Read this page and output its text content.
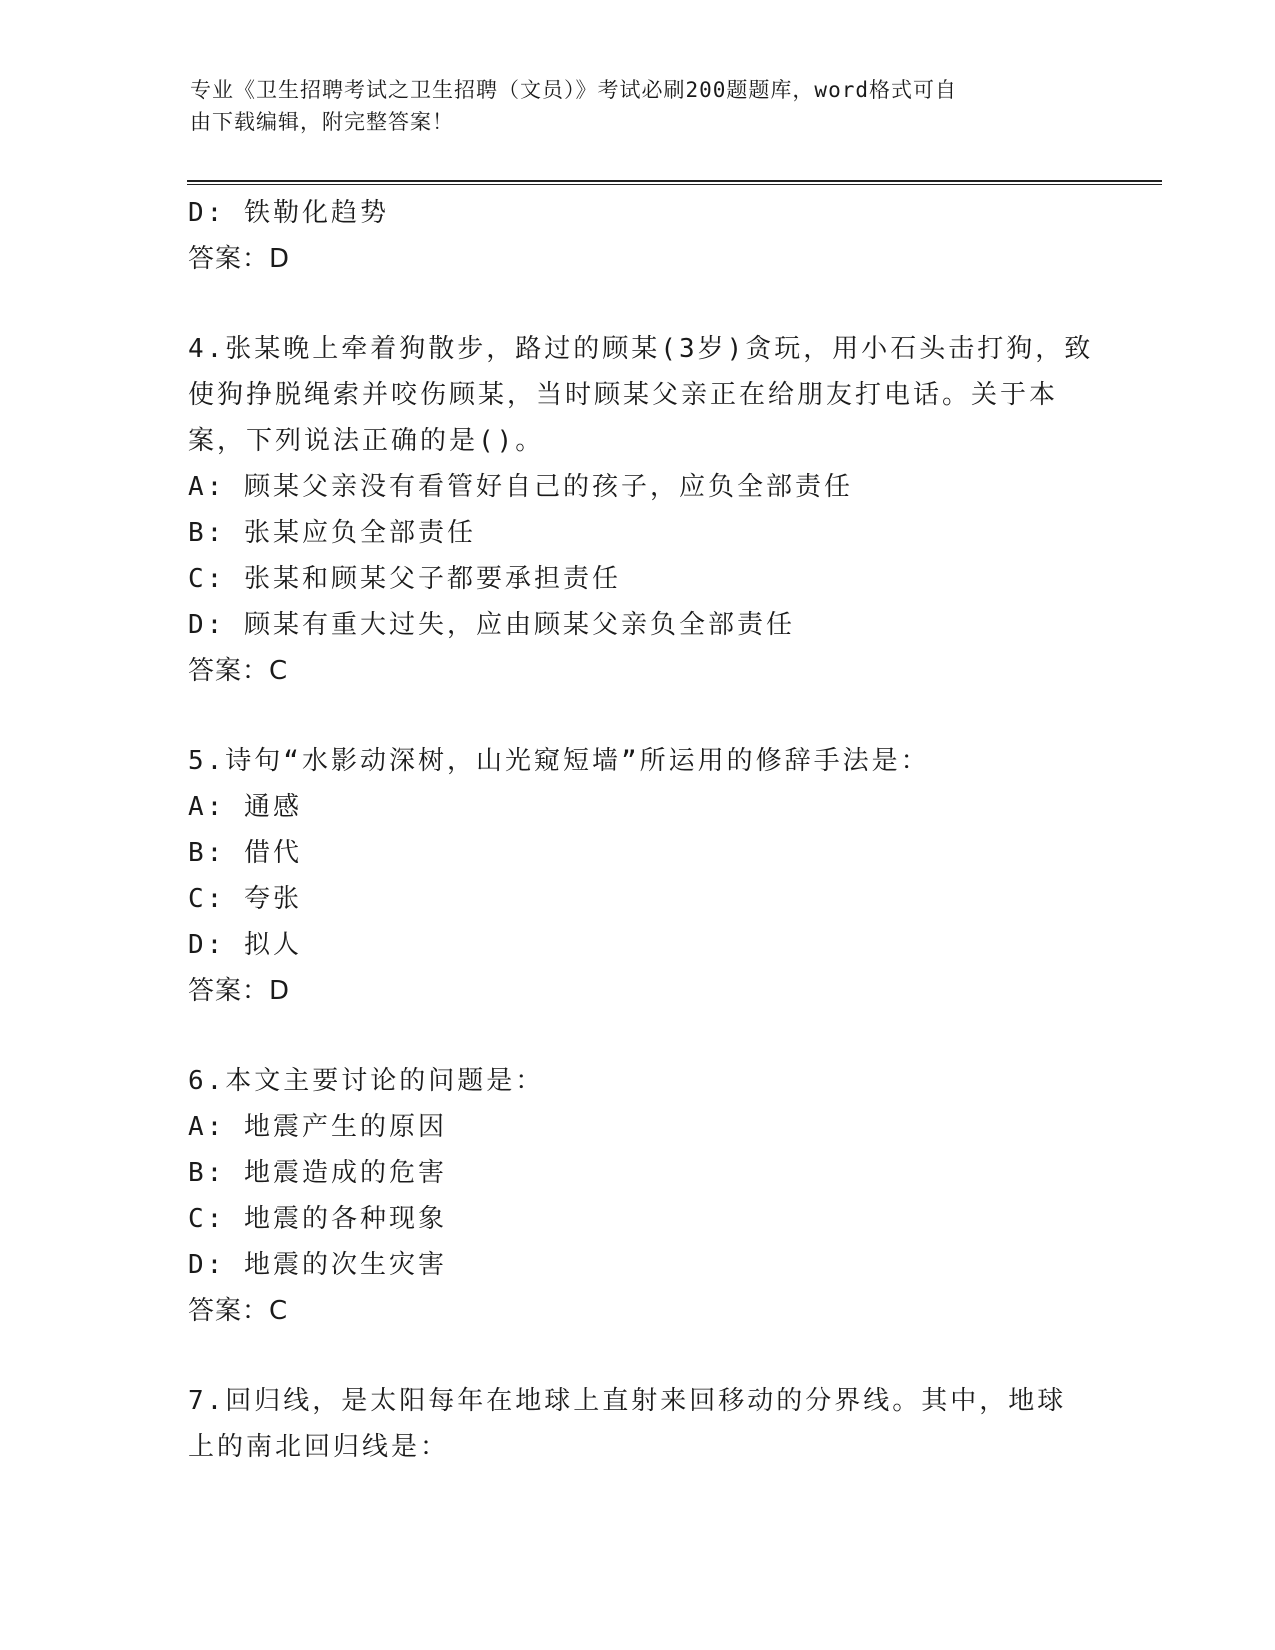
专业《卫生招聘考试之卫生招聘（文员）》考试必刷200题题库，word格式可自
由下载编辑，附完整答案！
D: 铁勒化趋势
答案：D
4.张某晚上牵着狗散步，路过的顾某(3岁)贪玩，用小石头击打狗，致
使狗挣脱绳索并咬伤顾某，当时顾某父亲正在给朋友打电话。关于本
案，下列说法正确的是()。
A: 顾某父亲没有看管好自己的孩子，应负全部责任
B: 张某应负全部责任
C: 张某和顾某父子都要承担责任
D: 顾某有重大过失，应由顾某父亲负全部责任
答案：C
5.诗句“水影动深树，山光窥短墙”所运用的修辞手法是：
A: 通感
B: 借代
C: 夸张
D: 拟人
答案：D
6.本文主要讨论的问题是：
A: 地震产生的原因
B: 地震造成的危害
C: 地震的各种现象
D: 地震的次生灾害
答案：C
7.回归线，是太阳每年在地球上直射来回移动的分界线。其中，地球
上的南北回归线是：
